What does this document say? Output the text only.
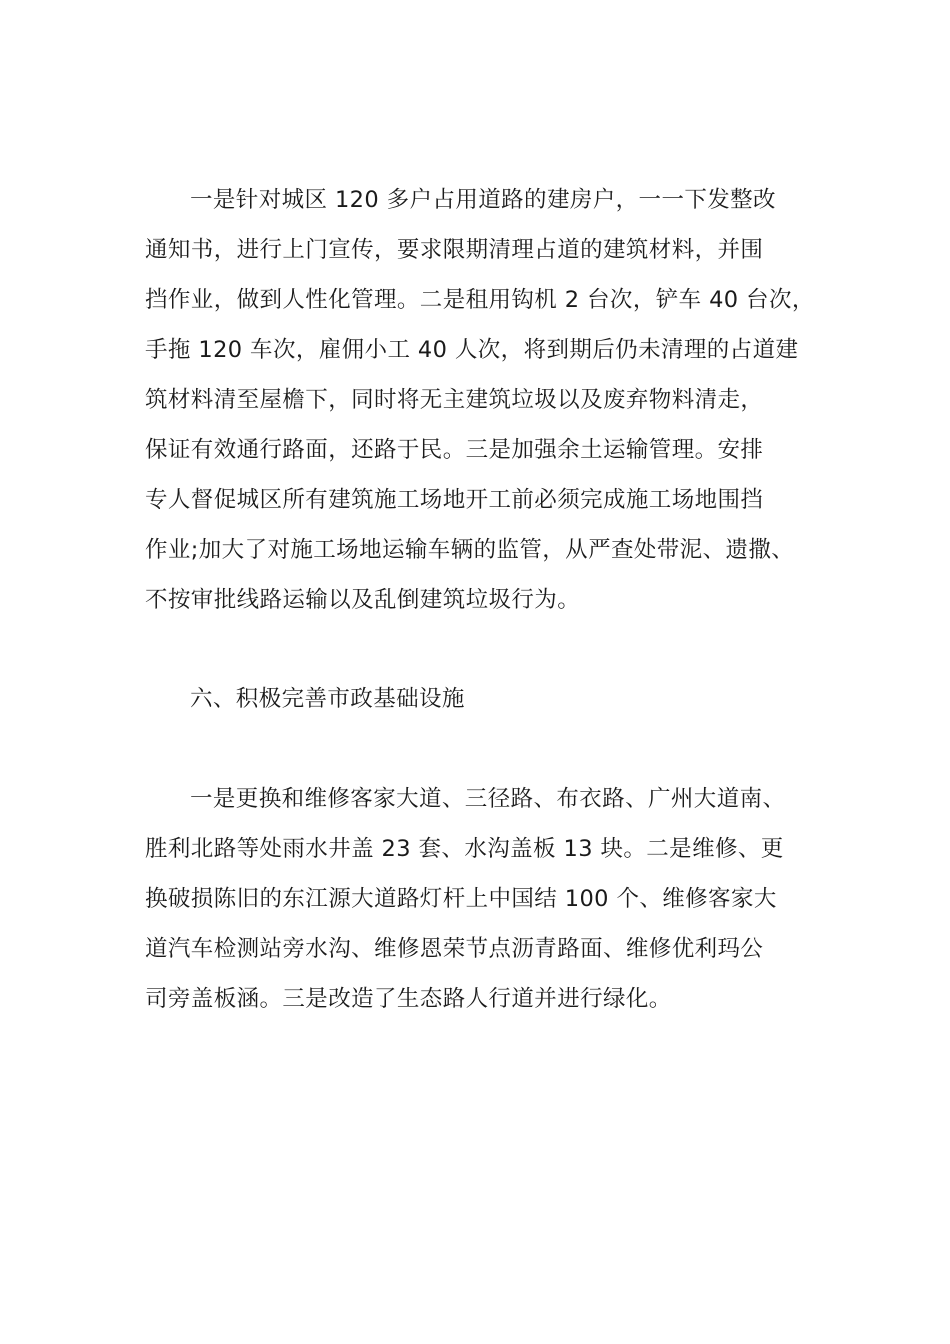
一是针对城区 120 多户占用道路的建房户，一一下发整改
通知书，进行上门宣传，要求限期清理占道的建筑材料，并围
挡作业，做到人性化管理。二是租用钩机 2 台次，铲车 40 台次，
手拖 120 车次，雇佣小工 40 人次，将到期后仍未清理的占道建
筑材料清至屋檐下，同时将无主建筑垃圾以及废弃物料清走，
保证有效通行路面，还路于民。三是加强余土运输管理。安排
专人督促城区所有建筑施工场地开工前必须完成施工场地围挡
作业;加大了对施工场地运输车辆的监管，从严查处带泥、遗撒、
不按审批线路运输以及乱倒建筑垃圾行为。
六、积极完善市政基础设施
一是更换和维修客家大道、三径路、布衣路、广州大道南、
胜利北路等处雨水井盖 23 套、水沟盖板 13 块。二是维修、更
换破损陈旧的东江源大道路灯杆上中国结 100 个、维修客家大
道汽车检测站旁水沟、维修恩荣节点沥青路面、维修优利玛公
司旁盖板涵。三是改造了生态路人行道并进行绿化。
